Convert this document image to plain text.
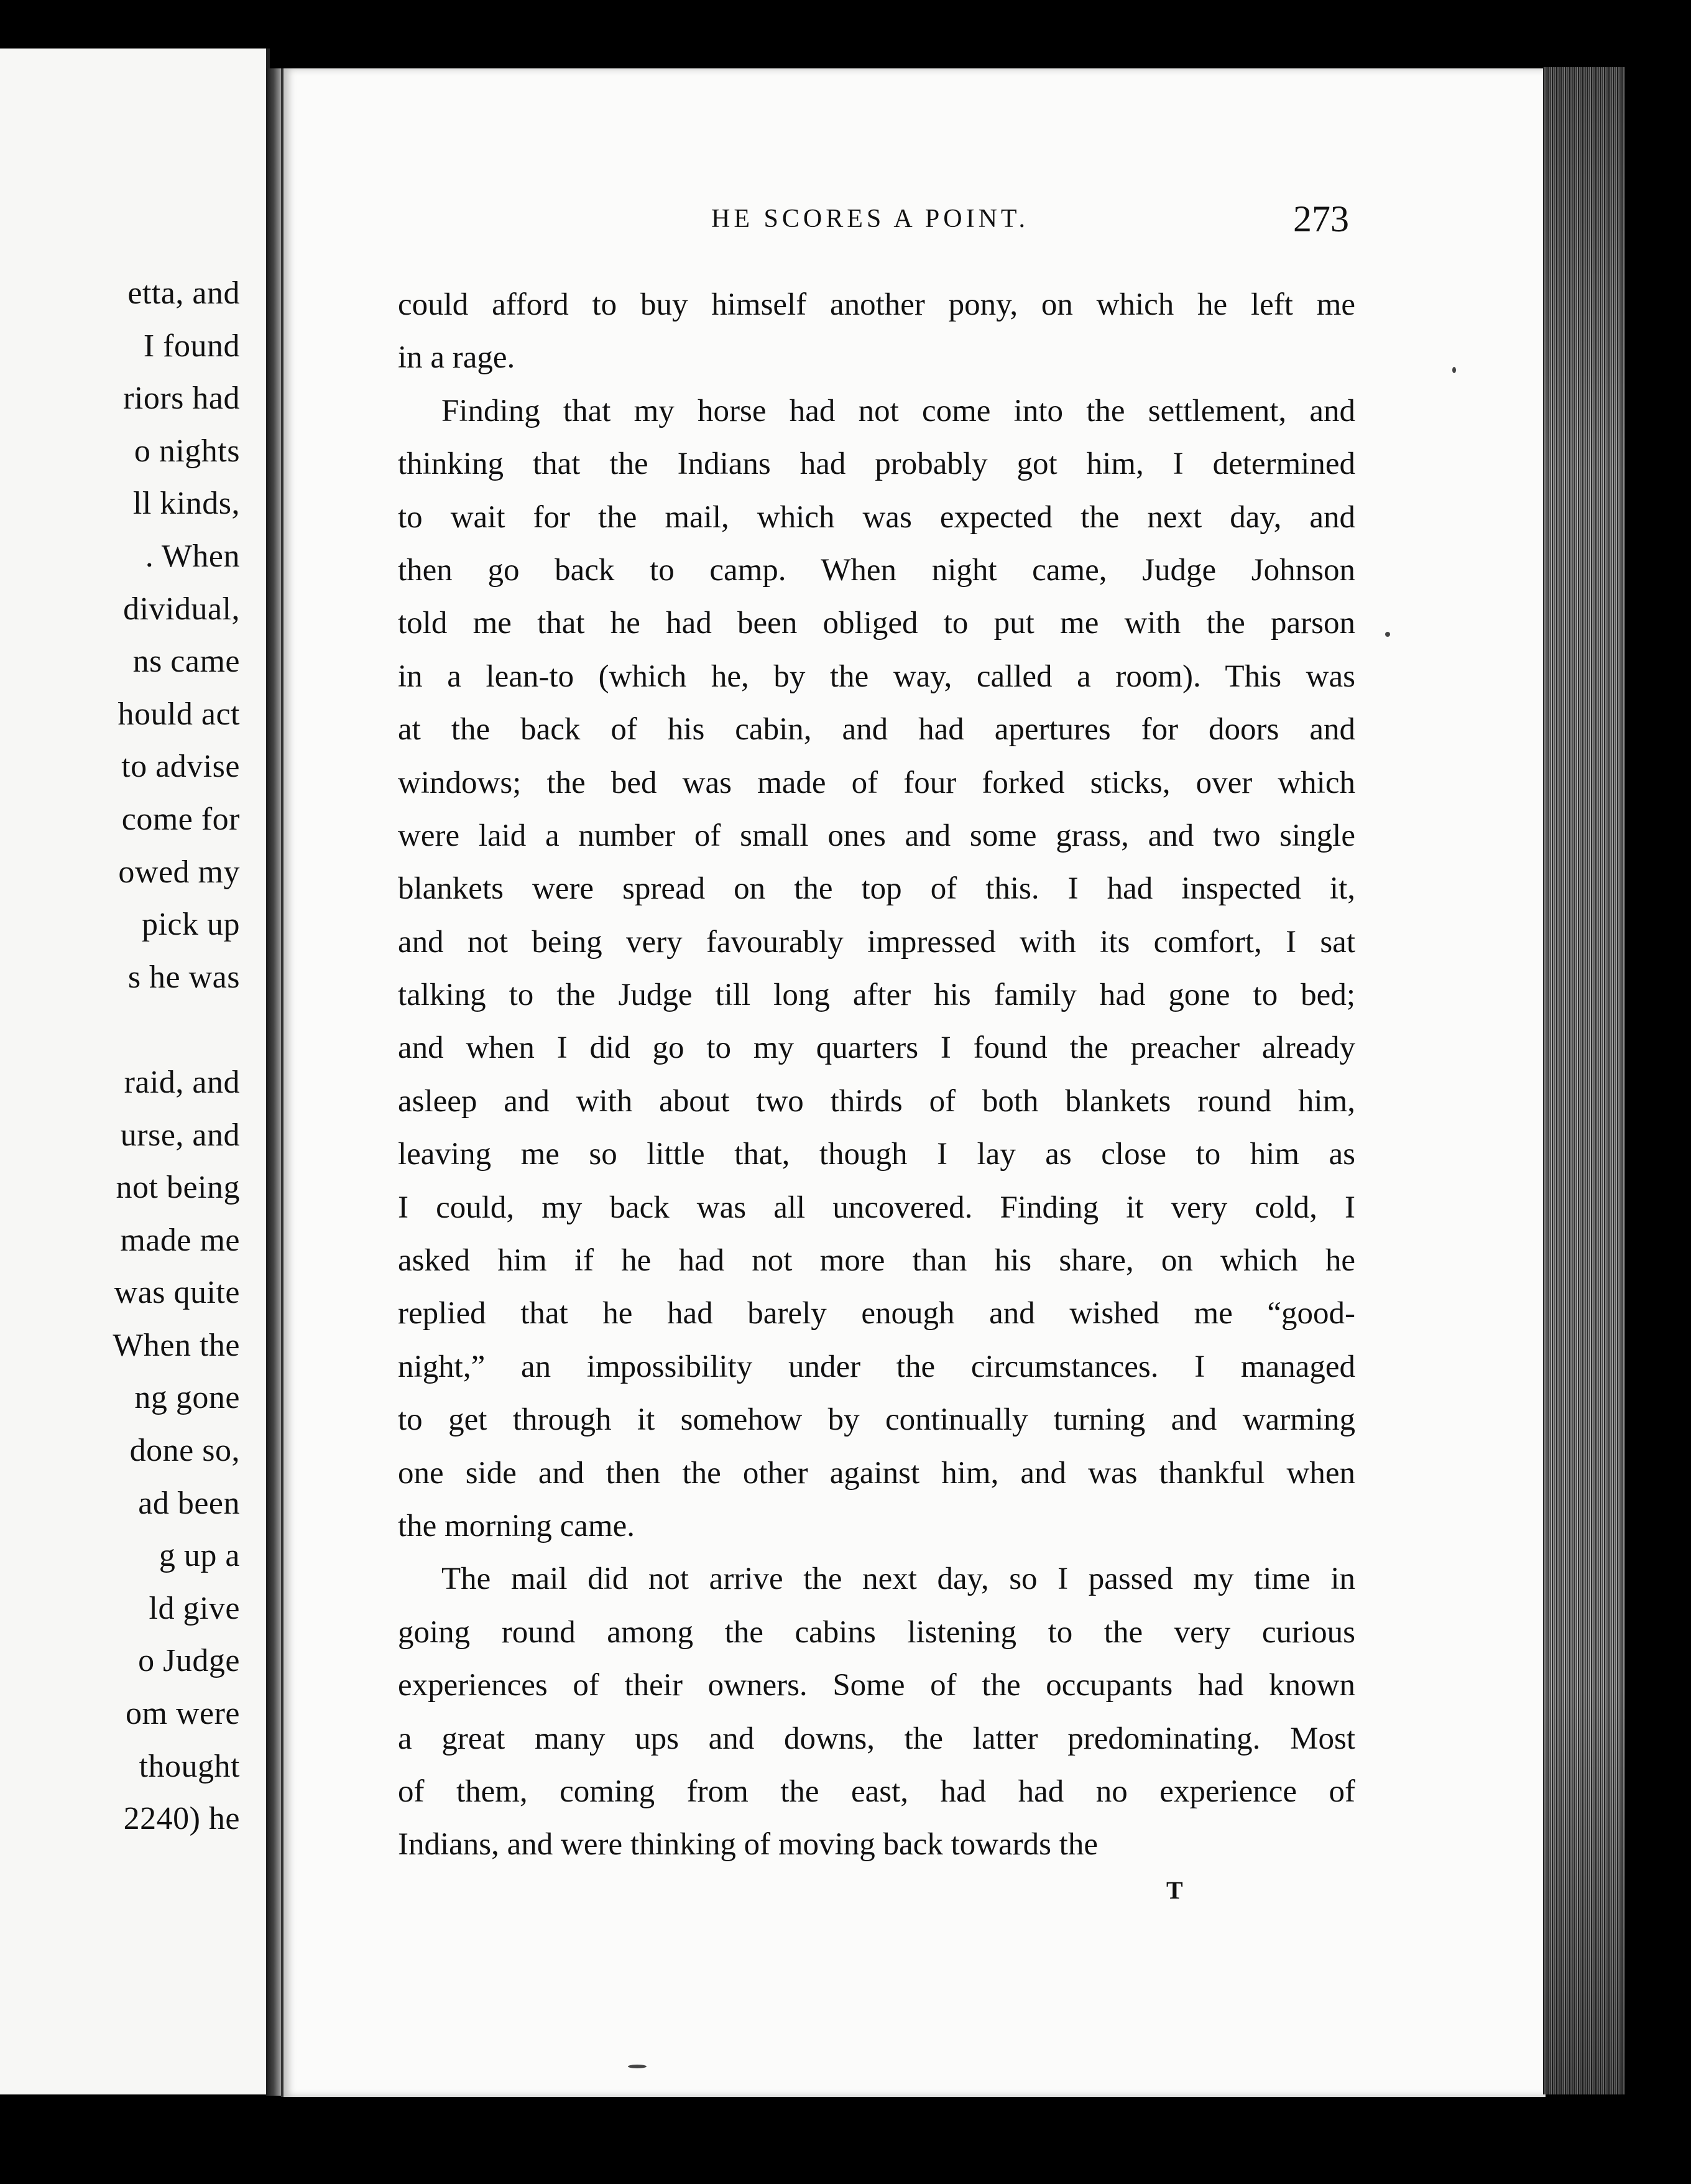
etta, and
I found
riors had
o nights
ll kinds,
. When
dividual,
ns came
hould act
to advise
come for
owed my
pick up
s he was
raid, and
urse, and
not being
made me
was quite
When the
ng gone
done so,
ad been
g up a
ld give
o Judge
om were
thought
2240) he
HE SCORES A POINT.	273
could afford to buy himself another pony, on which he left me
in a rage.
Finding that my horse had not come into the settlement, and
thinking that the Indians had probably got him, I determined
to wait for the mail, which was expected the next day, and
then go back to camp. When night came, Judge Johnson
told me that he had been obliged to put me with the parson
in a lean-to (which he, by the way, called a room). This was
at the back of his cabin, and had apertures for doors and
windows; the bed was made of four forked sticks, over which
were laid a number of small ones and some grass, and two single
blankets were spread on the top of this. I had inspected it,
and not being very favourably impressed with its comfort, I sat
talking to the Judge till long after his family had gone to bed;
and when I did go to my quarters I found the preacher already
asleep and with about two thirds of both blankets round him,
leaving me so little that, though I lay as close to him as
I could, my back was all uncovered. Finding it very cold, I
asked him if he had not more than his share, on which he
replied that he had barely enough and wished me “good-
night,” an impossibility under the circumstances. I managed
to get through it somehow by continually turning and warming
one side and then the other against him, and was thankful when
the morning came.
The mail did not arrive the next day, so I passed my time in
going round among the cabins listening to the very curious
experiences of their owners. Some of the occupants had known
a great many ups and downs, the latter predominating. Most
of them, coming from the east, had had no experience of
Indians, and were thinking of moving back towards the
T
